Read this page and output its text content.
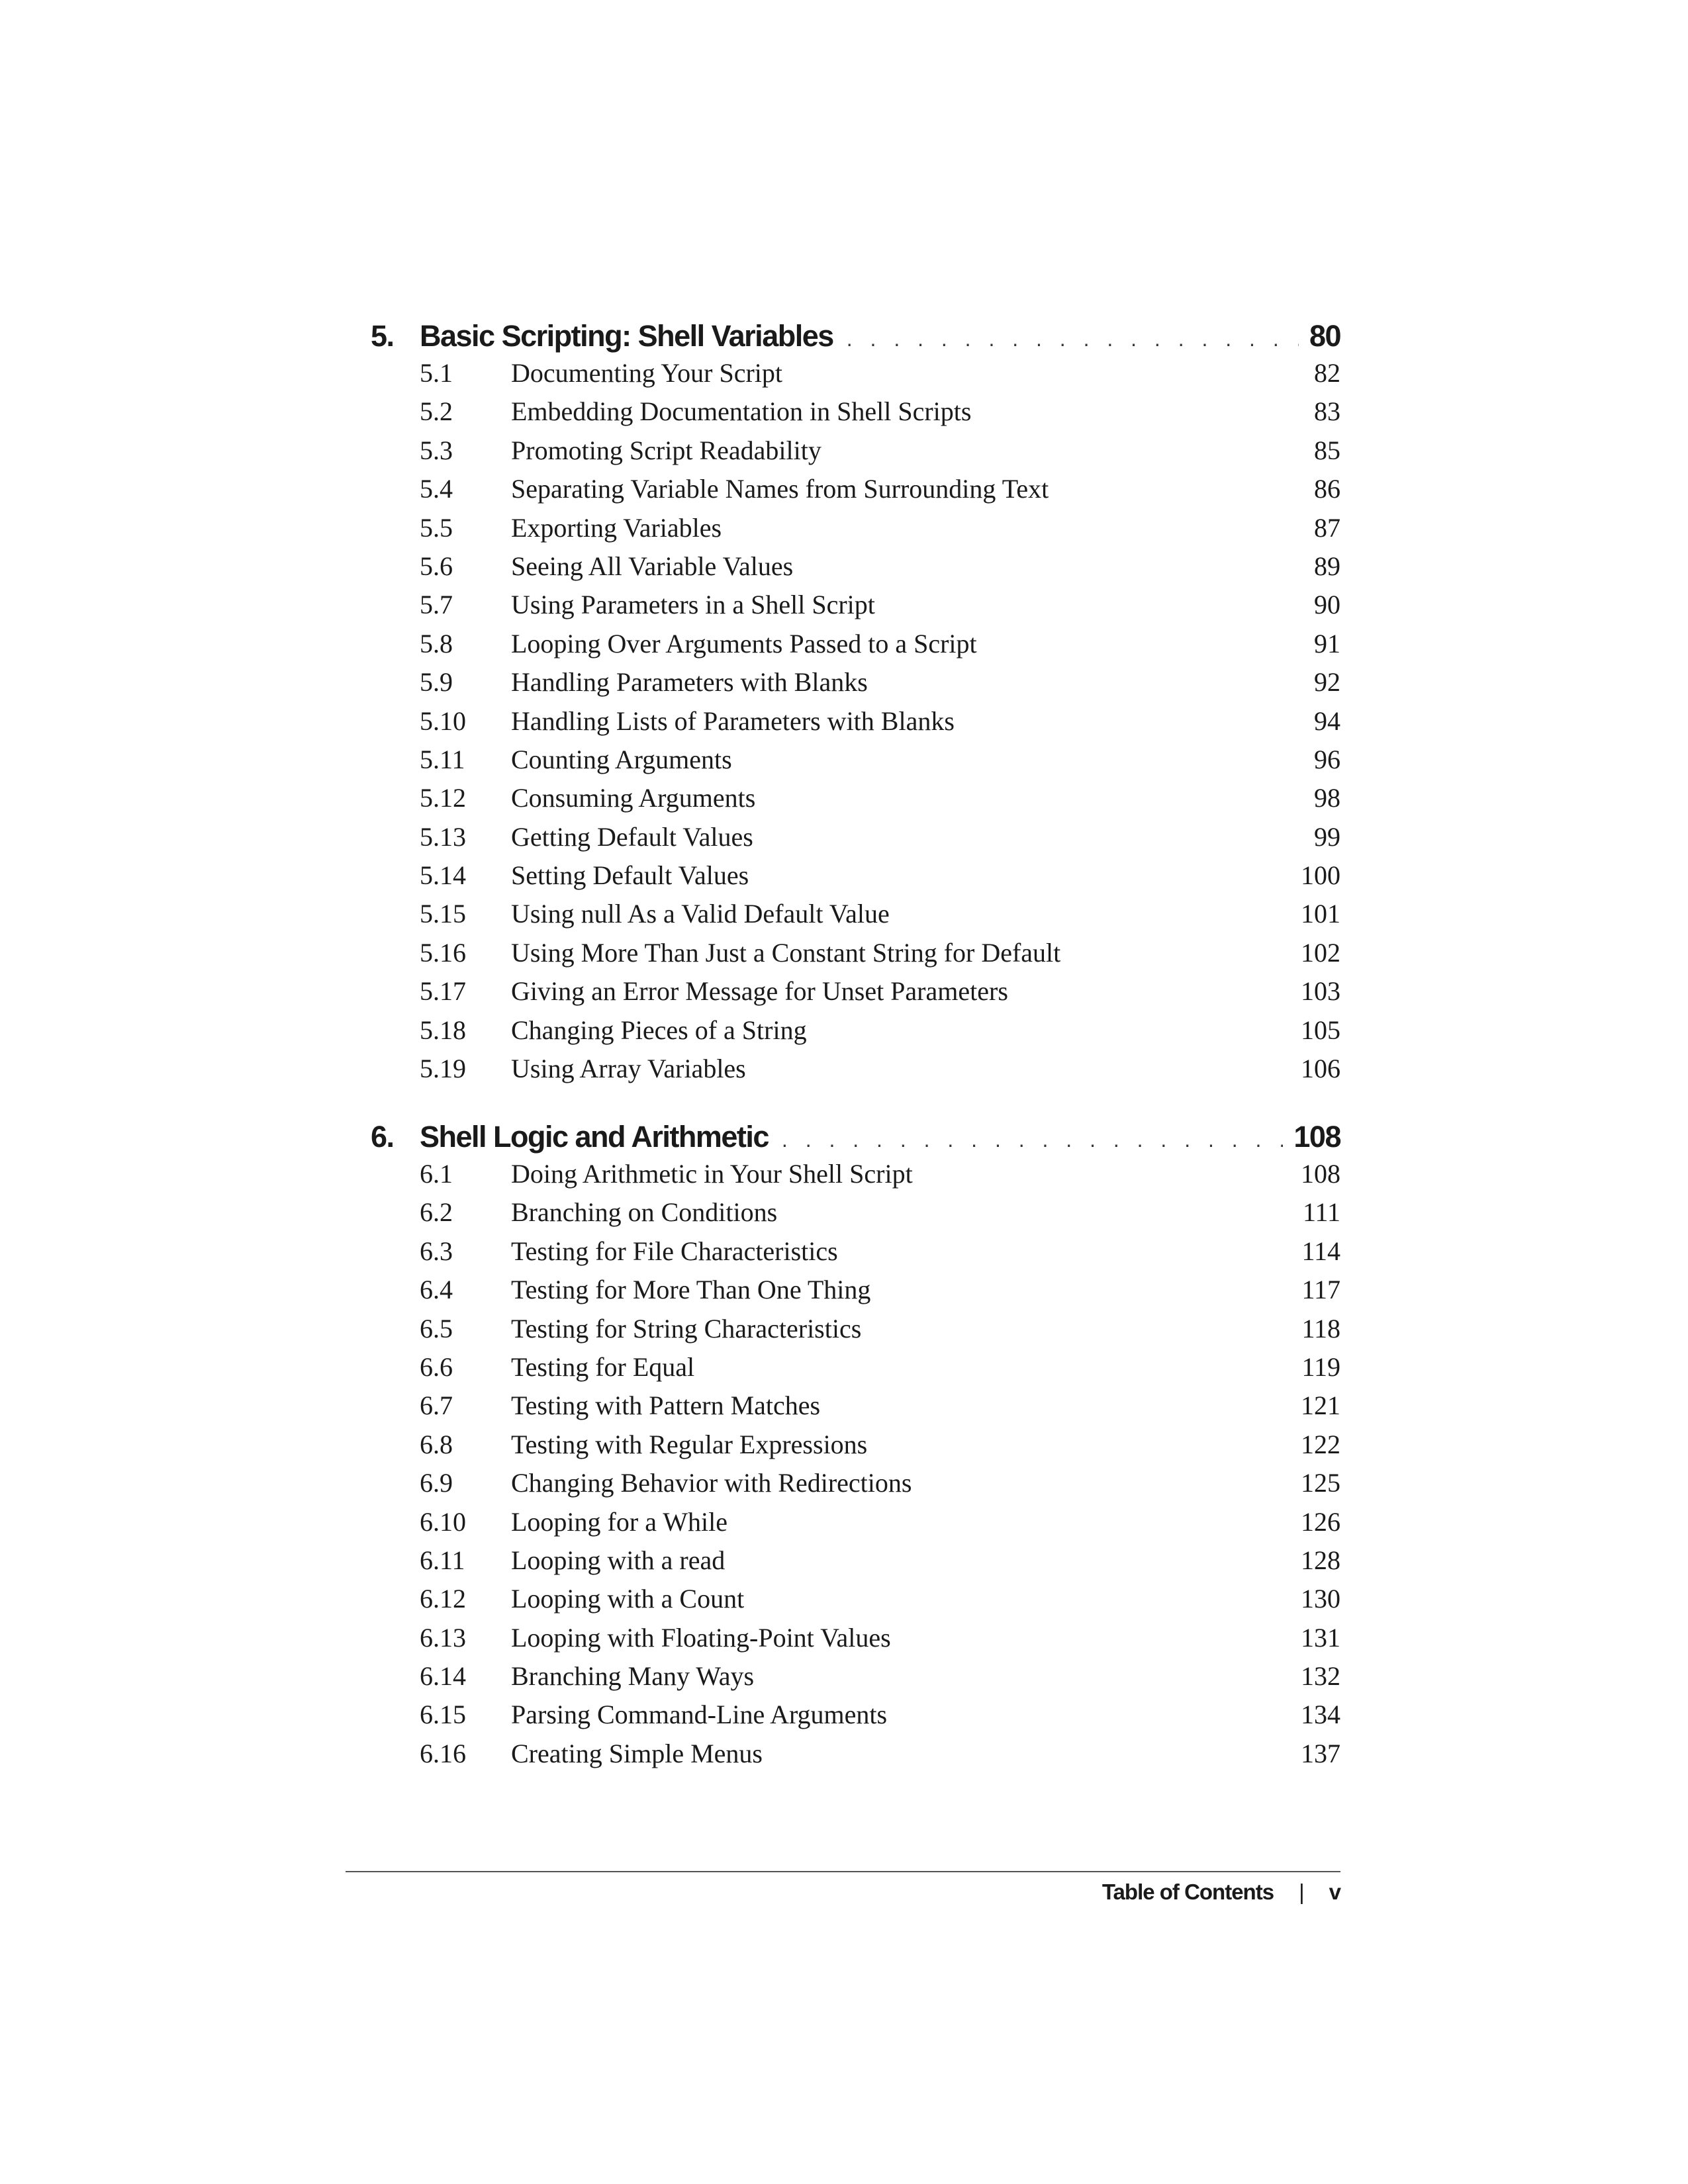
5. Basic Scripting: Shell Variables . . .	80
5.1	Documenting Your Script	82
5.2	Embedding Documentation in Shell Scripts	83
5.3	Promoting Script Readability	85
5.4	Separating Variable Names from Surrounding Text	86
5.5	Exporting Variables	87
5.6	Seeing All Variable Values	89
5.7	Using Parameters in a Shell Script	90
5.8	Looping Over Arguments Passed to a Script	91
5.9	Handling Parameters with Blanks	92
5.10	Handling Lists of Parameters with Blanks	94
5.11	Counting Arguments	96
5.12	Consuming Arguments	98
5.13	Getting Default Values	99
5.14	Setting Default Values	100
5.15	Using null As a Valid Default Value	101
5.16	Using More Than Just a Constant String for Default	102
5.17	Giving an Error Message for Unset Parameters	103
5.18	Changing Pieces of a String	105
5.19	Using Array Variables	106
6. Shell Logic and Arithmetic . . .	108
6.1	Doing Arithmetic in Your Shell Script	108
6.2	Branching on Conditions	111
6.3	Testing for File Characteristics	114
6.4	Testing for More Than One Thing	117
6.5	Testing for String Characteristics	118
6.6	Testing for Equal	119
6.7	Testing with Pattern Matches	121
6.8	Testing with Regular Expressions	122
6.9	Changing Behavior with Redirections	125
6.10	Looping for a While	126
6.11	Looping with a read	128
6.12	Looping with a Count	130
6.13	Looping with Floating-Point Values	131
6.14	Branching Many Ways	132
6.15	Parsing Command-Line Arguments	134
6.16	Creating Simple Menus	137
Table of Contents | v
